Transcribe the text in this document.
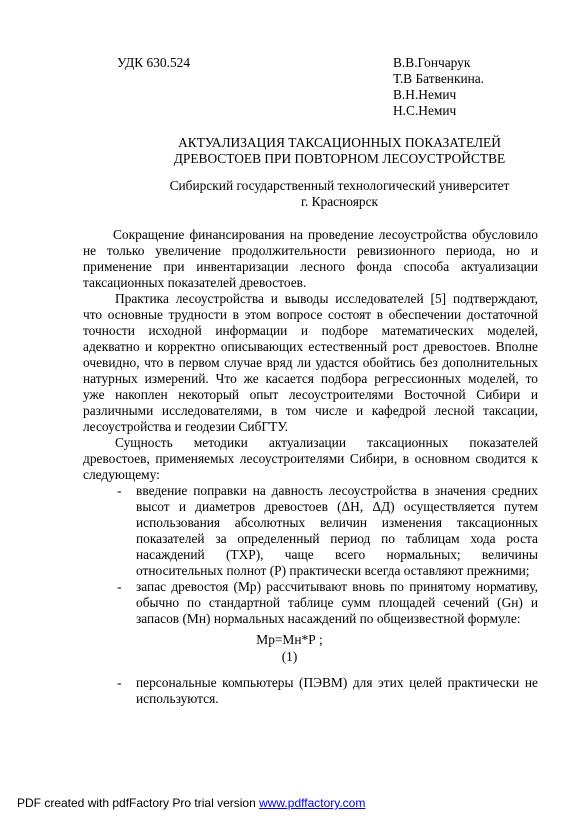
УДК 630.524	В.В.Гончарук
Т.В Батвенкина.
В.Н.Немич
Н.С.Немич
АКТУАЛИЗАЦИЯ ТАКСАЦИОННЫХ ПОКАЗАТЕЛЕЙ
ДРЕВОСТОЕВ ПРИ ПОВТОРНОМ ЛЕСОУСТРОЙСТВЕ
Сибирский государственный технологический университет
г. Красноярск
Сокращение финансирования на проведение лесоустройства обусловило
не только увеличение продолжительности ревизионного периода, но и
применение при инвентаризации лесного фонда способа актуализации
таксационных показателей древостоев.
Практика лесоустройства и выводы исследователей [5] подтверждают,
что основные трудности в этом вопросе состоят в обеспечении достаточной
точности исходной информации и подборе математических моделей,
адекватно и корректно описывающих естественный рост древостоев. Вполне
очевидно, что в первом случае вряд ли удастся обойтись без дополнительных
натурных измерений. Что же касается подбора регрессионных моделей, то
уже накоплен некоторый опыт лесоустроителями Восточной Сибири и
различными исследователями, в том числе и кафедрой лесной таксации,
лесоустройства и геодезии СибГТУ.
Сущность методики актуализации таксационных показателей
древостоев, применяемых лесоустроителями Сибири, в основном сводится к
следующему:
- введение поправки на давность лесоустройства в значения средних
высот и диаметров древостоев (ΔН, ΔД) осуществляется путем
использования абсолютных величин изменения таксационных
показателей за определенный период по таблицам хода роста
насаждений (ТХР), чаще всего нормальных; величины
относительных полнот (Р) практически всегда оставляют прежними;
- запас древостоя (Мр) рассчитывают вновь по принятому нормативу,
обычно по стандартной таблице сумм площадей сечений (Gн) и
запасов (Мн) нормальных насаждений по общеизвестной формуле:
Мр=Мн*Р ;
(1)
- персональные компьютеры (ПЭВМ) для этих целей практически не
используются.
PDF created with pdfFactory Pro trial version www.pdffactory.com
